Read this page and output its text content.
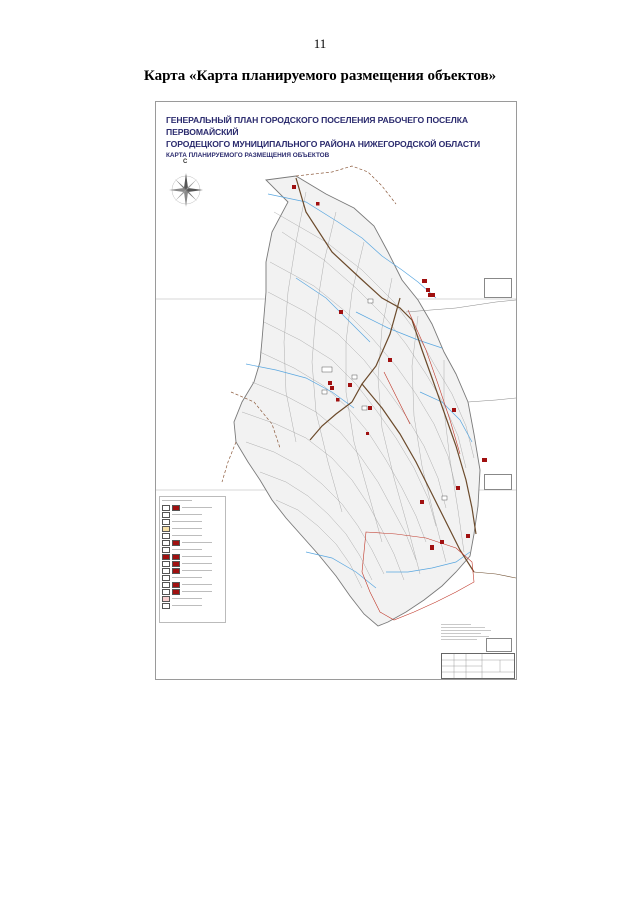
11
Карта «Карта планируемого размещения объектов»
ГЕНЕРАЛЬНЫЙ ПЛАН ГОРОДСКОГО ПОСЕЛЕНИЯ РАБОЧЕГО ПОСЕЛКА ПЕРВОМАЙСКИЙ
ГОРОДЕЦКОГО МУНИЦИПАЛЬНОГО РАЙОНА НИЖЕГОРОДСКОЙ ОБЛАСТИ
КАРТА ПЛАНИРУЕМОГО РАЗМЕЩЕНИЯ ОБЪЕКТОВ
С
